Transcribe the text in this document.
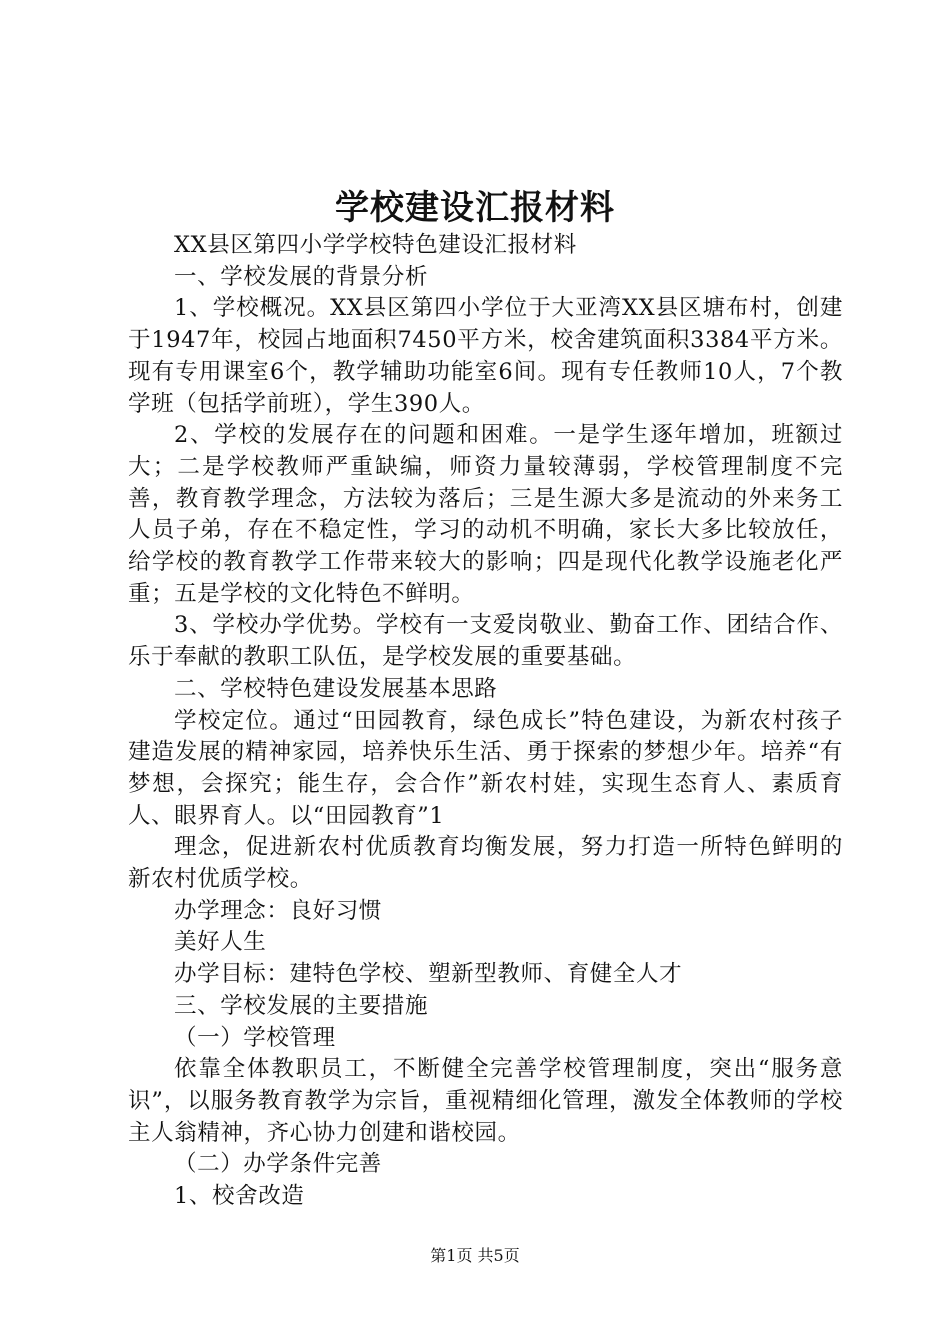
学校建设汇报材料

XX县区第四小学学校特色建设汇报材料

一、学校发展的背景分析

1、学校概况。XX县区第四小学位于大亚湾XX县区塘布村，创建于1947年，校园占地面积7450平方米，校舍建筑面积3384平方米。现有专用课室6个，教学辅助功能室6间。现有专任教师10人，7个教学班（包括学前班），学生390人。

2、学校的发展存在的问题和困难。一是学生逐年增加，班额过大；二是学校教师严重缺编，师资力量较薄弱，学校管理制度不完善，教育教学理念，方法较为落后；三是生源大多是流动的外来务工人员子弟，存在不稳定性，学习的动机不明确，家长大多比较放任，给学校的教育教学工作带来较大的影响；四是现代化教学设施老化严重；五是学校的文化特色不鲜明。

3、学校办学优势。学校有一支爱岗敬业、勤奋工作、团结合作、乐于奉献的教职工队伍，是学校发展的重要基础。

二、学校特色建设发展基本思路

学校定位。通过“田园教育，绿色成长”特色建设，为新农村孩子建造发展的精神家园，培养快乐生活、勇于探索的梦想少年。培养“有梦想，会探究；能生存，会合作”新农村娃，实现生态育人、素质育人、眼界育人。以“田园教育”1

理念，促进新农村优质教育均衡发展，努力打造一所特色鲜明的新农村优质学校。

办学理念：良好习惯

美好人生

办学目标：建特色学校、塑新型教师、育健全人才

三、学校发展的主要措施

（一）学校管理

依靠全体教职员工，不断健全完善学校管理制度，突出“服务意识”，以服务教育教学为宗旨，重视精细化管理，激发全体教师的学校主人翁精神，齐心协力创建和谐校园。

（二）办学条件完善

1、校舍改造

第1页 共5页
